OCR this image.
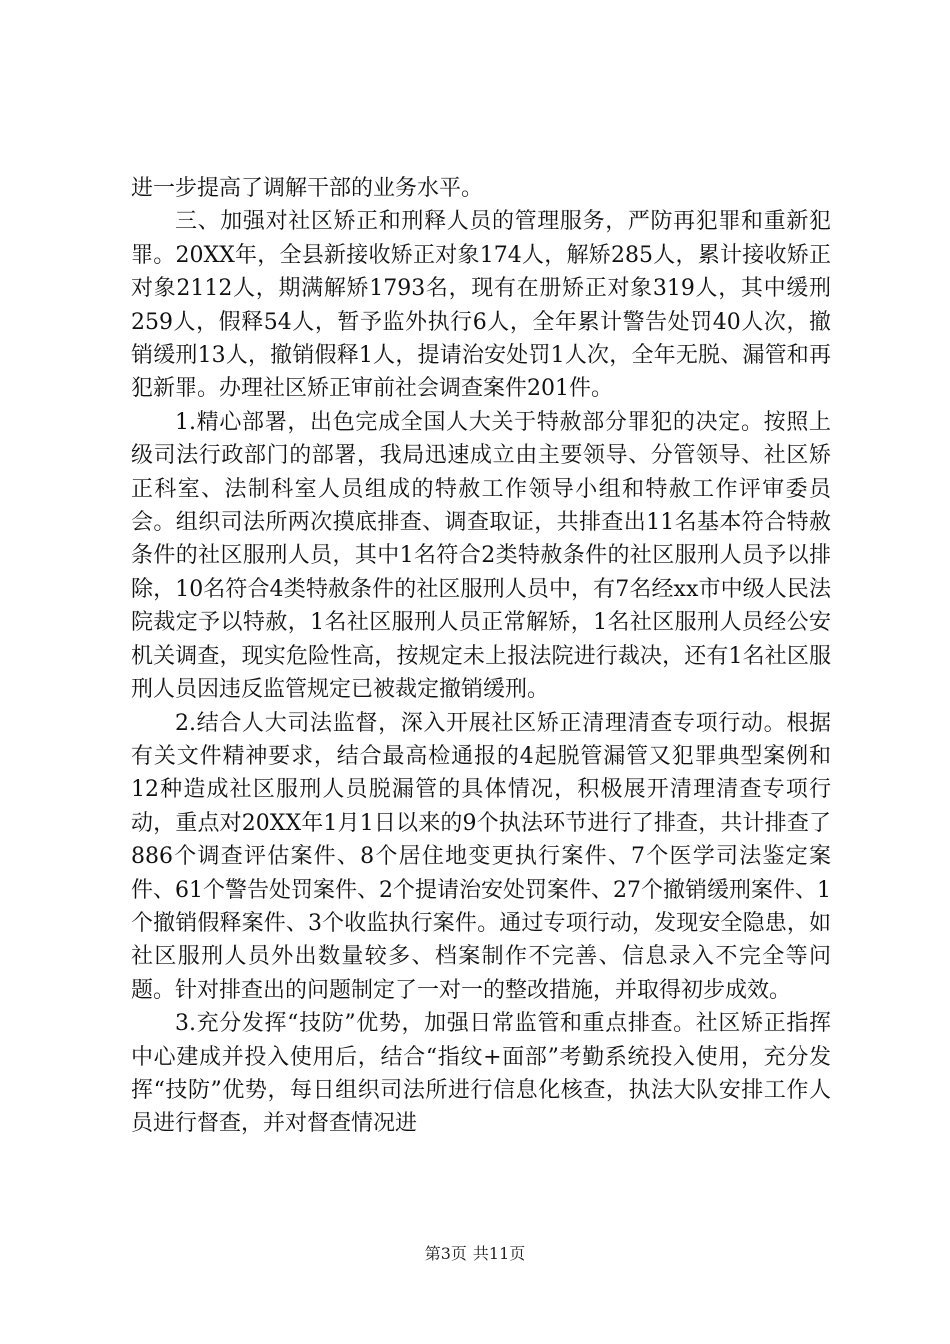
进一步提高了调解干部的业务水平。

三、加强对社区矫正和刑释人员的管理服务，严防再犯罪和重新犯罪。20XX年，全县新接收矫正对象174人，解矫285人，累计接收矫正对象2112人，期满解矫1793名，现有在册矫正对象319人，其中缓刑259人，假释54人，暂予监外执行6人，全年累计警告处罚40人次，撤销缓刑13人，撤销假释1人，提请治安处罚1人次，全年无脱、漏管和再犯新罪。办理社区矫正审前社会调查案件201件。

1.精心部署，出色完成全国人大关于特赦部分罪犯的决定。按照上级司法行政部门的部署，我局迅速成立由主要领导、分管领导、社区矫正科室、法制科室人员组成的特赦工作领导小组和特赦工作评审委员会。组织司法所两次摸底排查、调查取证，共排查出11名基本符合特赦条件的社区服刑人员，其中1名符合2类特赦条件的社区服刑人员予以排除，10名符合4类特赦条件的社区服刑人员中，有7名经xx市中级人民法院裁定予以特赦，1名社区服刑人员正常解矫，1名社区服刑人员经公安机关调查，现实危险性高，按规定未上报法院进行裁决，还有1名社区服刑人员因违反监管规定已被裁定撤销缓刑。

2.结合人大司法监督，深入开展社区矫正清理清查专项行动。根据有关文件精神要求，结合最高检通报的4起脱管漏管又犯罪典型案例和12种造成社区服刑人员脱漏管的具体情况，积极展开清理清查专项行动，重点对20XX年1月1日以来的9个执法环节进行了排查，共计排查了886个调查评估案件、8个居住地变更执行案件、7个医学司法鉴定案件、61个警告处罚案件、2个提请治安处罚案件、27个撤销缓刑案件、1个撤销假释案件、3个收监执行案件。通过专项行动，发现安全隐患，如社区服刑人员外出数量较多、档案制作不完善、信息录入不完全等问题。针对排查出的问题制定了一对一的整改措施，并取得初步成效。

3.充分发挥“技防”优势，加强日常监管和重点排查。社区矫正指挥中心建成并投入使用后，结合“指纹+面部”考勤系统投入使用，充分发挥“技防”优势，每日组织司法所进行信息化核查，执法大队安排工作人员进行督查，并对督查情况进

第3页 共11页
